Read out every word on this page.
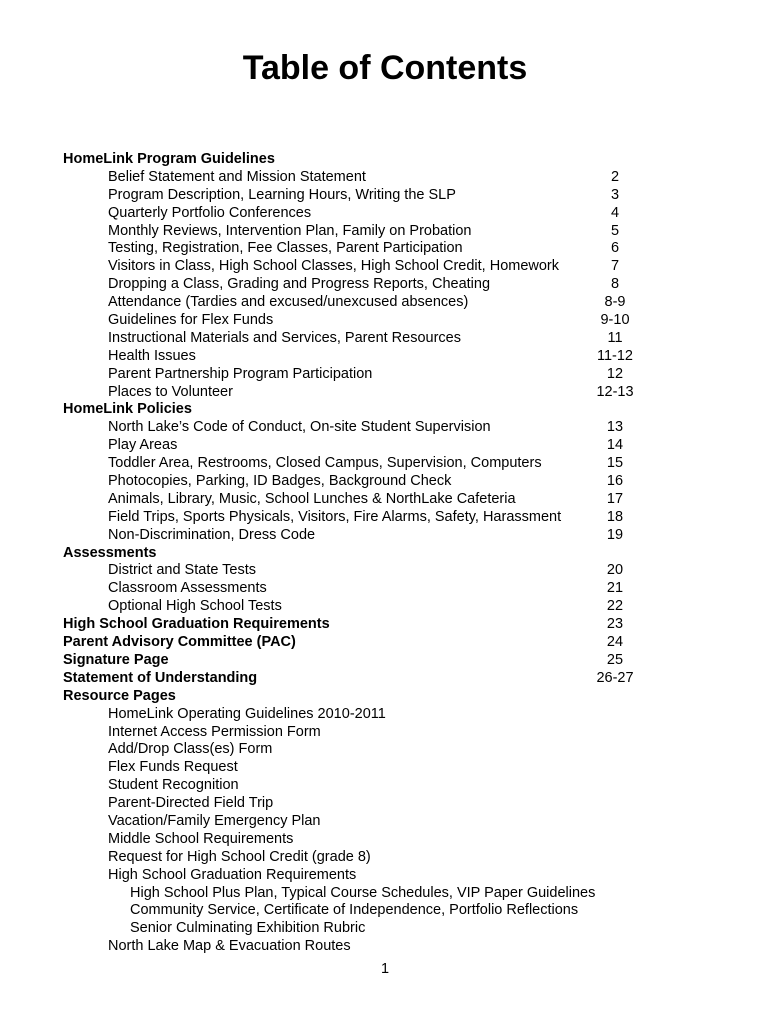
Table of Contents
HomeLink Program Guidelines
Belief Statement and Mission Statement	2
Program Description, Learning Hours, Writing the SLP	3
Quarterly Portfolio Conferences	4
Monthly Reviews, Intervention Plan, Family on Probation	5
Testing, Registration, Fee Classes, Parent Participation	6
Visitors in Class, High School Classes, High School Credit, Homework	7
Dropping a Class, Grading and Progress Reports, Cheating	8
Attendance (Tardies and excused/unexcused absences)	8-9
Guidelines for Flex Funds	9-10
Instructional Materials and Services, Parent Resources	11
Health Issues	11-12
Parent Partnership Program Participation	12
Places to Volunteer	12-13
HomeLink Policies
North Lake’s Code of Conduct, On-site Student Supervision	13
Play Areas	14
Toddler Area, Restrooms, Closed Campus, Supervision, Computers	15
Photocopies, Parking, ID Badges, Background Check	16
Animals, Library, Music, School Lunches & NorthLake Cafeteria	17
Field Trips, Sports Physicals, Visitors, Fire Alarms, Safety, Harassment	18
Non-Discrimination, Dress Code	19
Assessments
District and State Tests	20
Classroom Assessments	21
Optional High School Tests	22
High School Graduation Requirements	23
Parent Advisory Committee (PAC)	24
Signature Page	25
Statement of Understanding	26-27
Resource Pages
HomeLink Operating Guidelines 2010-2011
Internet Access Permission Form
Add/Drop Class(es) Form
Flex Funds Request
Student Recognition
Parent-Directed Field Trip
Vacation/Family Emergency Plan
Middle School Requirements
Request for High School Credit (grade 8)
High School Graduation Requirements
High School Plus Plan, Typical Course Schedules, VIP Paper Guidelines
Community Service, Certificate of Independence, Portfolio Reflections
Senior Culminating Exhibition Rubric
North Lake Map & Evacuation Routes
1
